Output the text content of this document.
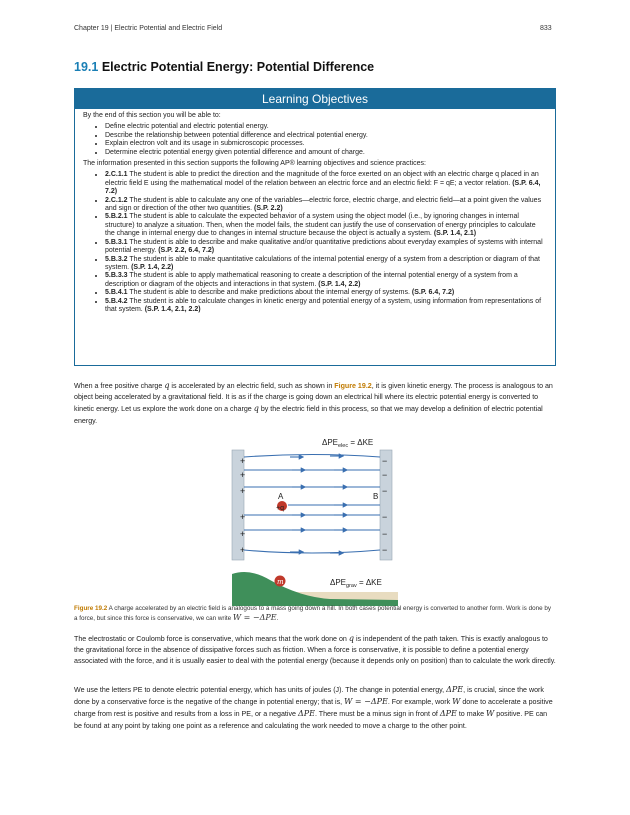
Chapter 19 | Electric Potential and Electric Field	833
19.1 Electric Potential Energy: Potential Difference
Learning Objectives

By the end of this section you will be able to:

• Define electric potential and electric potential energy.
• Describe the relationship between potential difference and electrical potential energy.
• Explain electron volt and its usage in submicroscopic processes.
• Determine electric potential energy given potential difference and amount of charge.

The information presented in this section supports the following AP® learning objectives and science practices:

• 2.C.1.1 The student is able to predict the direction and the magnitude of the force exerted on an object with an electric charge q placed in an electric field E using the mathematical model of the relation between an electric force and an electric field: F = qE; a vector relation. (S.P. 6.4, 7.2)
• 2.C.1.2 The student is able to calculate any one of the variables—electric force, electric charge, and electric field—at a point given the values and sign or direction of the other two quantities. (S.P. 2.2)
• 5.B.2.1 The student is able to calculate the expected behavior of a system using the object model (i.e., by ignoring changes in internal structure) to analyze a situation. Then, when the model fails, the student can justify the use of conservation of energy principles to calculate the change in internal energy due to changes in internal structure because the object is actually a system. (S.P. 1.4, 2.1)
• 5.B.3.1 The student is able to describe and make qualitative and/or quantitative predictions about everyday examples of systems with internal potential energy. (S.P. 2.2, 6.4, 7.2)
• 5.B.3.2 The student is able to make quantitative calculations of the internal potential energy of a system from a description or diagram of that system. (S.P. 1.4, 2.2)
• 5.B.3.3 The student is able to apply mathematical reasoning to create a description of the internal potential energy of a system from a description or diagram of the objects and interactions in that system. (S.P. 1.4, 2.2)
• 5.B.4.1 The student is able to describe and make predictions about the internal energy of systems. (S.P. 6.4, 7.2)
• 5.B.4.2 The student is able to calculate changes in kinetic energy and potential energy of a system, using information from representations of that system. (S.P. 1.4, 2.1, 2.2)

When a free positive charge q is accelerated by an electric field, such as shown in Figure 19.2, it is given kinetic energy. The process is analogous to an object being accelerated by a gravitational field. It is as if the charge is going down an electrical hill where its electric potential energy is converted to kinetic energy. Let us explore the work done on a charge q by the electric field in this process, so that we may develop a definition of electric potential energy.

$\Delta PE_{elec} = \Delta KE$
+
+
+
+
+
+
−
−
−
−
−
−
+q
A	B
m	$\Delta PE_{grav} = \Delta KE$

Figure 19.2 A charge accelerated by an electric field is analogous to a mass going down a hill. In both cases potential energy is converted to another form. Work is done by a force, but since this force is conservative, we can write W = −ΔPE.

The electrostatic or Coulomb force is conservative, which means that the work done on q is independent of the path taken. This is exactly analogous to the gravitational force in the absence of dissipative forces such as friction. When a force is conservative, it is possible to define a potential energy associated with the force, and it is usually easier to deal with the potential energy (because it depends only on position) than to calculate the work directly.

We use the letters PE to denote electric potential energy, which has units of joules (J). The change in potential energy, ΔPE, is crucial, since the work done by a conservative force is the negative of the change in potential energy; that is, W = −ΔPE. For example, work W done to accelerate a positive charge from rest is positive and results from a loss in PE, or a negative ΔPE. There must be a minus sign in front of ΔPE to make W positive. PE can be found at any point by taking one point as a reference and calculating the work needed to move a charge to the other point.
